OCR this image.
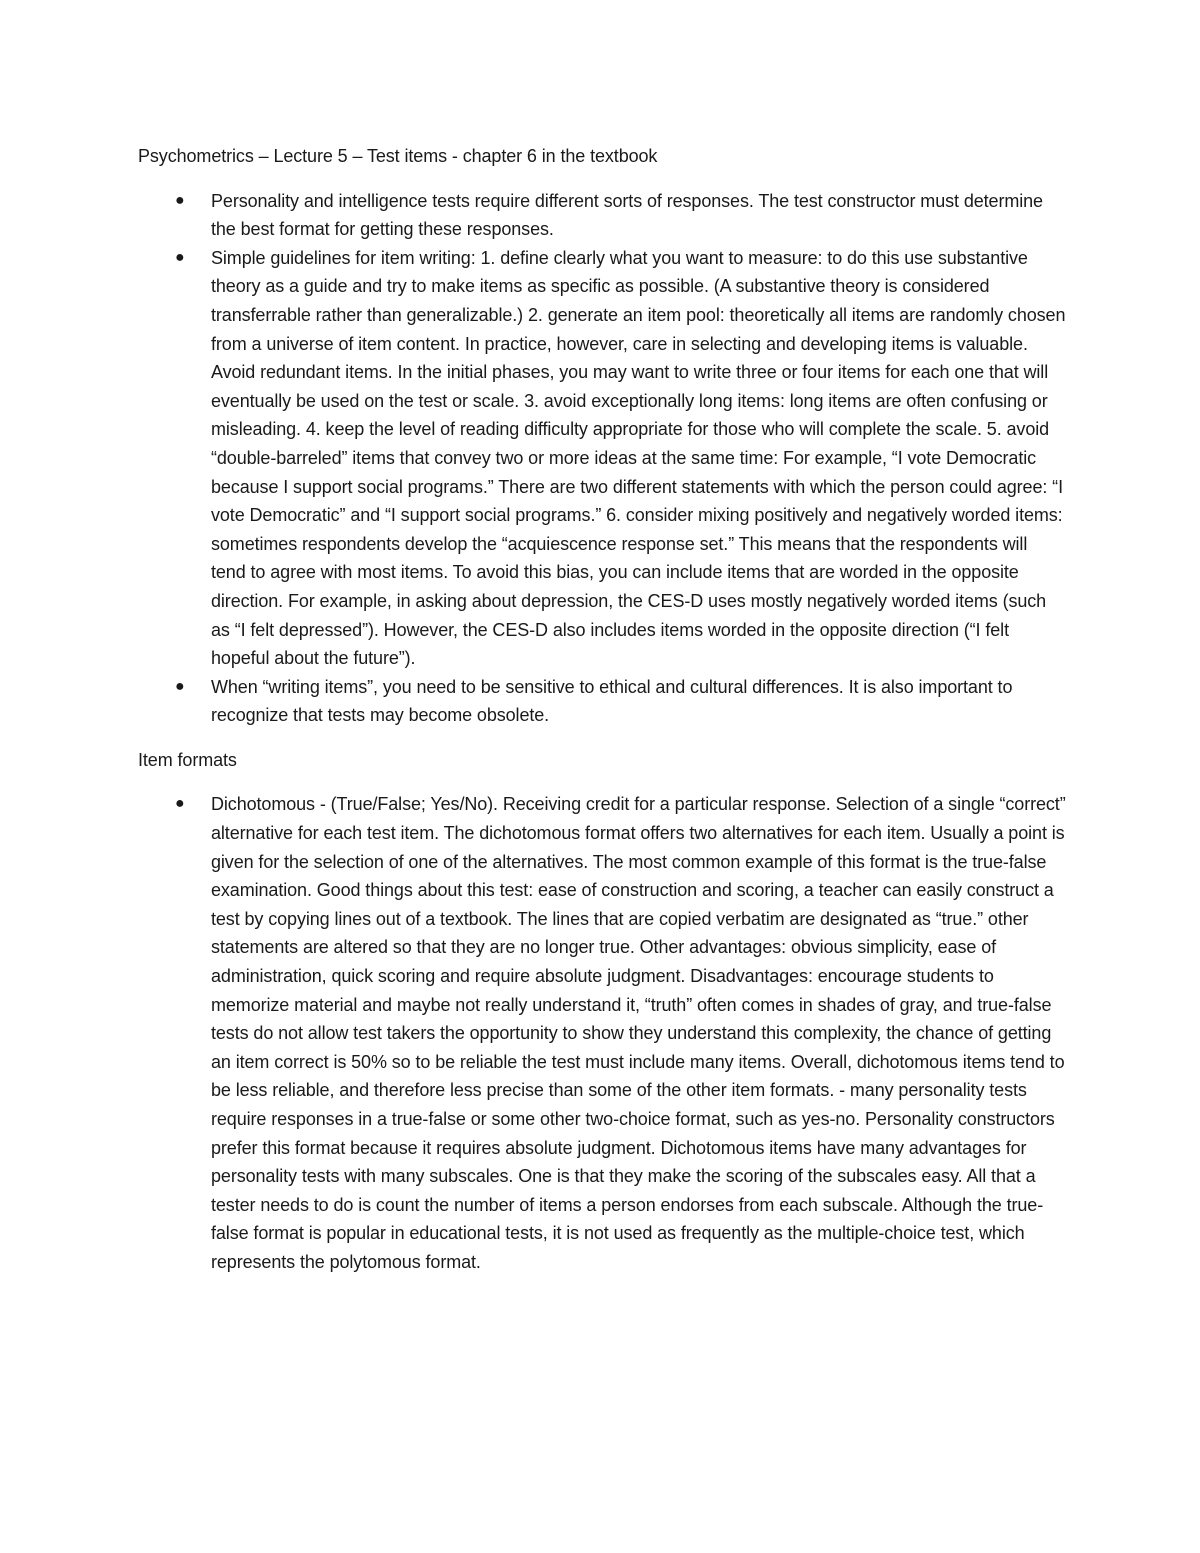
Psychometrics – Lecture 5 – Test items - chapter 6 in the textbook

● Personality and intelligence tests require different sorts of responses. The test constructor must determine the best format for getting these responses.
● Simple guidelines for item writing: 1. define clearly what you want to measure: to do this use substantive theory as a guide and try to make items as specific as possible. (A substantive theory is considered transferrable rather than generalizable.) 2. generate an item pool: theoretically all items are randomly chosen from a universe of item content. In practice, however, care in selecting and developing items is valuable. Avoid redundant items. In the initial phases, you may want to write three or four items for each one that will eventually be used on the test or scale. 3. avoid exceptionally long items: long items are often confusing or misleading. 4. keep the level of reading difficulty appropriate for those who will complete the scale. 5. avoid “double-barreled” items that convey two or more ideas at the same time: For example, “I vote Democratic because I support social programs.” There are two different statements with which the person could agree: “I vote Democratic” and “I support social programs.” 6. consider mixing positively and negatively worded items: sometimes respondents develop the “acquiescence response set.” This means that the respondents will tend to agree with most items. To avoid this bias, you can include items that are worded in the opposite direction. For example, in asking about depression, the CES-D uses mostly negatively worded items (such as “I felt depressed”). However, the CES-D also includes items worded in the opposite direction (“I felt hopeful about the future”).
● When “writing items”, you need to be sensitive to ethical and cultural differences. It is also important to recognize that tests may become obsolete.

Item formats

● Dichotomous - (True/False; Yes/No). Receiving credit for a particular response. Selection of a single “correct” alternative for each test item. The dichotomous format offers two alternatives for each item. Usually a point is given for the selection of one of the alternatives. The most common example of this format is the true-false examination. Good things about this test: ease of construction and scoring, a teacher can easily construct a test by copying lines out of a textbook. The lines that are copied verbatim are designated as “true.” other statements are altered so that they are no longer true. Other advantages: obvious simplicity, ease of administration, quick scoring and require absolute judgment. Disadvantages: encourage students to memorize material and maybe not really understand it, “truth” often comes in shades of gray, and true-false tests do not allow test takers the opportunity to show they understand this complexity, the chance of getting an item correct is 50% so to be reliable the test must include many items. Overall, dichotomous items tend to be less reliable, and therefore less precise than some of the other item formats. - many personality tests require responses in a true-false or some other two-choice format, such as yes-no. Personality constructors prefer this format because it requires absolute judgment. Dichotomous items have many advantages for personality tests with many subscales. One is that they make the scoring of the subscales easy. All that a tester needs to do is count the number of items a person endorses from each subscale. Although the true-false format is popular in educational tests, it is not used as frequently as the multiple-choice test, which represents the polytomous format.
